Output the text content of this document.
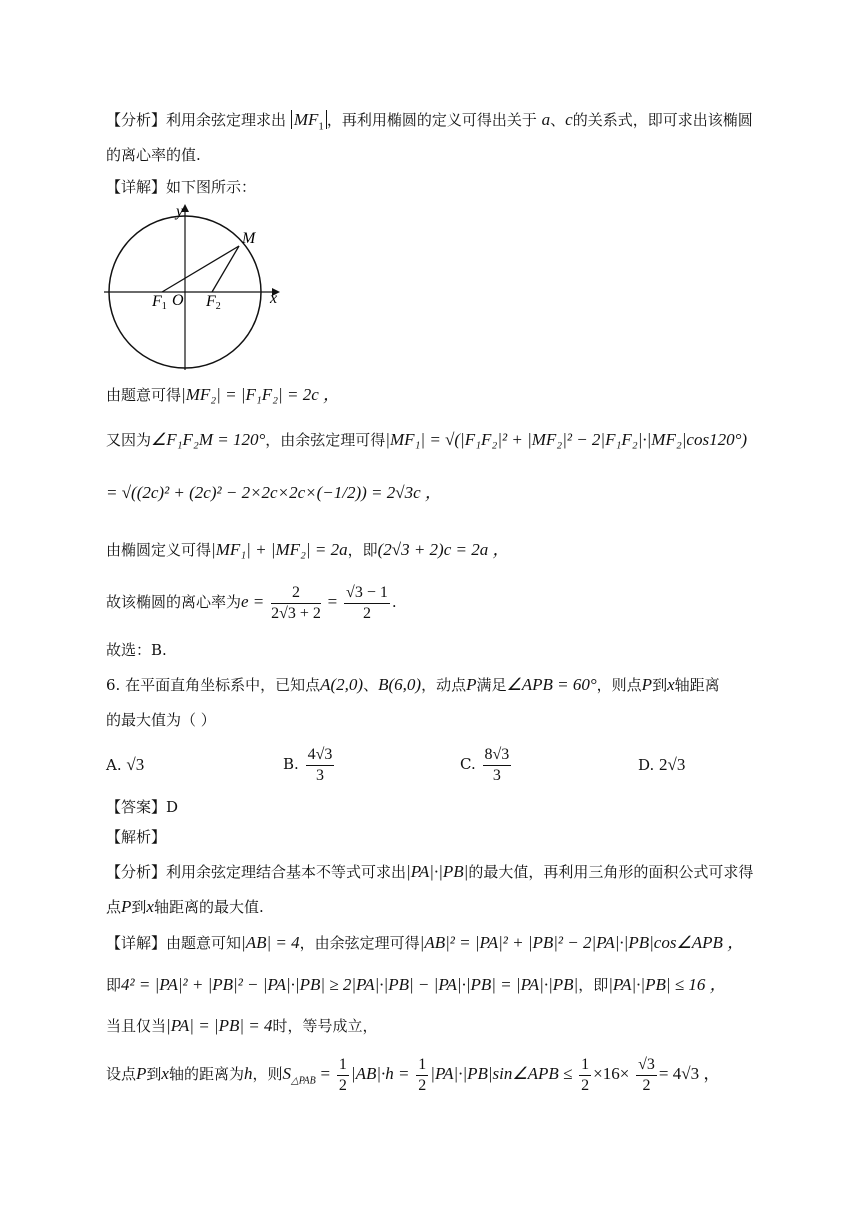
【分析】利用余弦定理求出 $MF_1$ ，再利用椭圆的定义可得出关于 a、c的关系式，即可求出该椭圆
的离心率的值.
【详解】如下图所示：
y
x
O
M
F1 F2
由题意可得|MF₂| = |F₁F₂| = 2c ，
又因为∠F₁F₂M = 120°，由余弦定理可得|MF₁| = √(|F₁F₂|² + |MF₂|² − 2|F₁F₂|·|MF₂|cos120°)
= √((2c)² + (2c)² − 2×2c×2c×(−1/2)) = 2√3c ，
由椭圆定义可得|MF₁| + |MF₂| = 2a，即(2√3 + 2)c = 2a ，
故该椭圆的离心率为$e = \frac{2}{2√3 + 2} = \frac{√3 - 1}{2}$ .
故选：B.
6. 在平面直角坐标系中，已知点A(2,0)、B(6,0)，动点P满足∠APB = 60°，则点P到x轴距离
的最大值为（ ）
A. √3	B. $\frac{4√3}{3}$	C. $\frac{8√3}{3}$	D. 2√3
【答案】D
【解析】
【分析】利用余弦定理结合基本不等式可求出|PA|·|PB|的最大值，再利用三角形的面积公式可求得
点P到x轴距离的最大值.
【详解】由题意可知|AB| = 4，由余弦定理可得|AB|² = |PA|² + |PB|² − 2|PA|·|PB|cos∠APB ，
即4² = |PA|² + |PB|² − |PA|·|PB| ≥ 2|PA|·|PB| − |PA|·|PB| = |PA|·|PB|，即|PA|·|PB| ≤ 16 ，
当且仅当|PA| = |PB| = 4时，等号成立，
设点P到x轴的距离为h，则$S_{\triangle PAB} = \frac{1}{2} |AB|\cdot h = \frac{1}{2}$ |PA|·|PB|sin∠APB ≤ $\frac{1}{2} \times 16\times \frac{√3}{2} = 4√3$ ，
